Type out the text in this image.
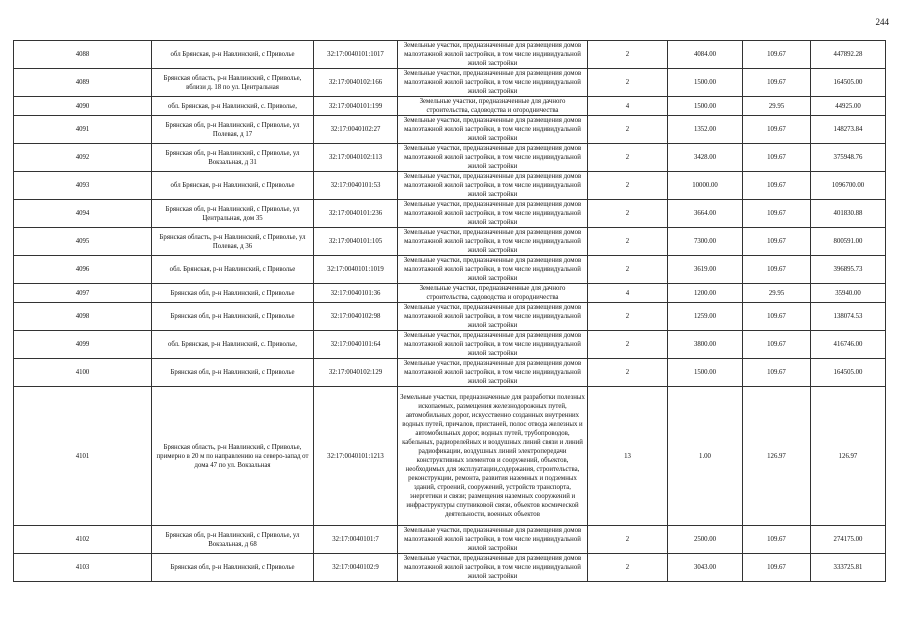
244
4088	обл Брянская, р-н Навлинский, с Приволье	32:17:0040101:1017	Земельные участки, предназначенные для размещения домов малоэтажной жилой застройки, в том числе индивидуальной жилой застройки	2	4084.00	109.67	447892.28
4089	Брянская область, р-н Навлинский, с Приволье, вблизи д. 18 по ул. Центральная	32:17:0040102:166	Земельные участки, предназначенные для размещения домов малоэтажной жилой застройки, в том числе индивидуальной жилой застройки	2	1500.00	109.67	164505.00
4090	обл. Брянская, р-н Навлинский, с. Приволье,	32:17:0040101:199	Земельные участки, предназначенные для дачного строительства, садоводства и огородничества	4	1500.00	29.95	44925.00
4091	Брянская обл, р-н Навлинский, с Приволье, ул Полевая, д 17	32:17:0040102:27	Земельные участки, предназначенные для размещения домов малоэтажной жилой застройки, в том числе индивидуальной жилой застройки	2	1352.00	109.67	148273.84
4092	Брянская обл, р-н Навлинский, с Приволье, ул Вокзальная, д 31	32:17:0040102:113	Земельные участки, предназначенные для размещения домов малоэтажной жилой застройки, в том числе индивидуальной жилой застройки	2	3428.00	109.67	375948.76
4093	обл Брянская, р-н Навлинский, с Приволье	32:17:0040101:53	Земельные участки, предназначенные для размещения домов малоэтажной жилой застройки, в том числе индивидуальной жилой застройки	2	10000.00	109.67	1096700.00
4094	Брянская обл, р-н Навлинский, с Приволье, ул Центральная, дом 35	32:17:0040101:236	Земельные участки, предназначенные для размещения домов малоэтажной жилой застройки, в том числе индивидуальной жилой застройки	2	3664.00	109.67	401830.88
4095	Брянская область, р-н Навлинский, с Приволье, ул Полевая, д 36	32:17:0040101:105	Земельные участки, предназначенные для размещения домов малоэтажной жилой застройки, в том числе индивидуальной жилой застройки	2	7300.00	109.67	800591.00
4096	обл. Брянская, р-н Навлинский, с Приволье	32:17:0040101:1019	Земельные участки, предназначенные для размещения домов малоэтажной жилой застройки, в том числе индивидуальной жилой застройки	2	3619.00	109.67	396895.73
4097	Брянская обл, р-н Навлинский, с Приволье	32:17:0040101:36	Земельные участки, предназначенные для дачного строительства, садоводства и огородничества	4	1200.00	29.95	35940.00
4098	Брянская обл, р-н Навлинский, с Приволье	32:17:0040102:98	Земельные участки, предназначенные для размещения домов малоэтажной жилой застройки, в том числе индивидуальной жилой застройки	2	1259.00	109.67	138074.53
4099	обл. Брянская, р-н Навлинский, с. Приволье,	32:17:0040101:64	Земельные участки, предназначенные для размещения домов малоэтажной жилой застройки, в том числе индивидуальной жилой застройки	2	3800.00	109.67	416746.00
4100	Брянская обл, р-н Навлинский, с Приволье	32:17:0040102:129	Земельные участки, предназначенные для размещения домов малоэтажной жилой застройки, в том числе индивидуальной жилой застройки	2	1500.00	109.67	164505.00
4101	Брянская область, р-н Навлинский, с Приволье, примерно в 20 м по направлению на северо-запад от дома 47 по ул. Вокзальная	32:17:0040101:1213	Земельные участки, предназначенные для разработки полезных ископаемых, размещения железнодорожных путей, автомобильных дорог, искусственно созданных внутренних водных путей, причалов, пристаней, полос отвода железных и автомобильных дорог, водных путей, трубопроводов, кабельных, радиорелейных и воздушных линий связи и линий радиофикации, воздушных линий электропередачи конструктивных элементов и сооружений, объектов, необходимых для эксплуатации,содержания, строительства, реконструкции, ремонта, развития наземных и подземных зданий, строений, сооружений, устройств транспорта, энергетики и связи; размещения наземных сооружений и инфраструктуры спутниковой связи, объектов космической деятельности, военных объектов	13	1.00	126.97	126.97
4102	Брянская обл, р-н Навлинский, с Приволье, ул Вокзальная, д 68	32:17:0040101:7	Земельные участки, предназначенные для размещения домов малоэтажной жилой застройки, в том числе индивидуальной жилой застройки	2	2500.00	109.67	274175.00
4103	Брянская обл, р-н Навлинский, с Приволье	32:17:0040102:9	Земельные участки, предназначенные для размещения домов малоэтажной жилой застройки, в том числе индивидуальной жилой застройки	2	3043.00	109.67	333725.81
